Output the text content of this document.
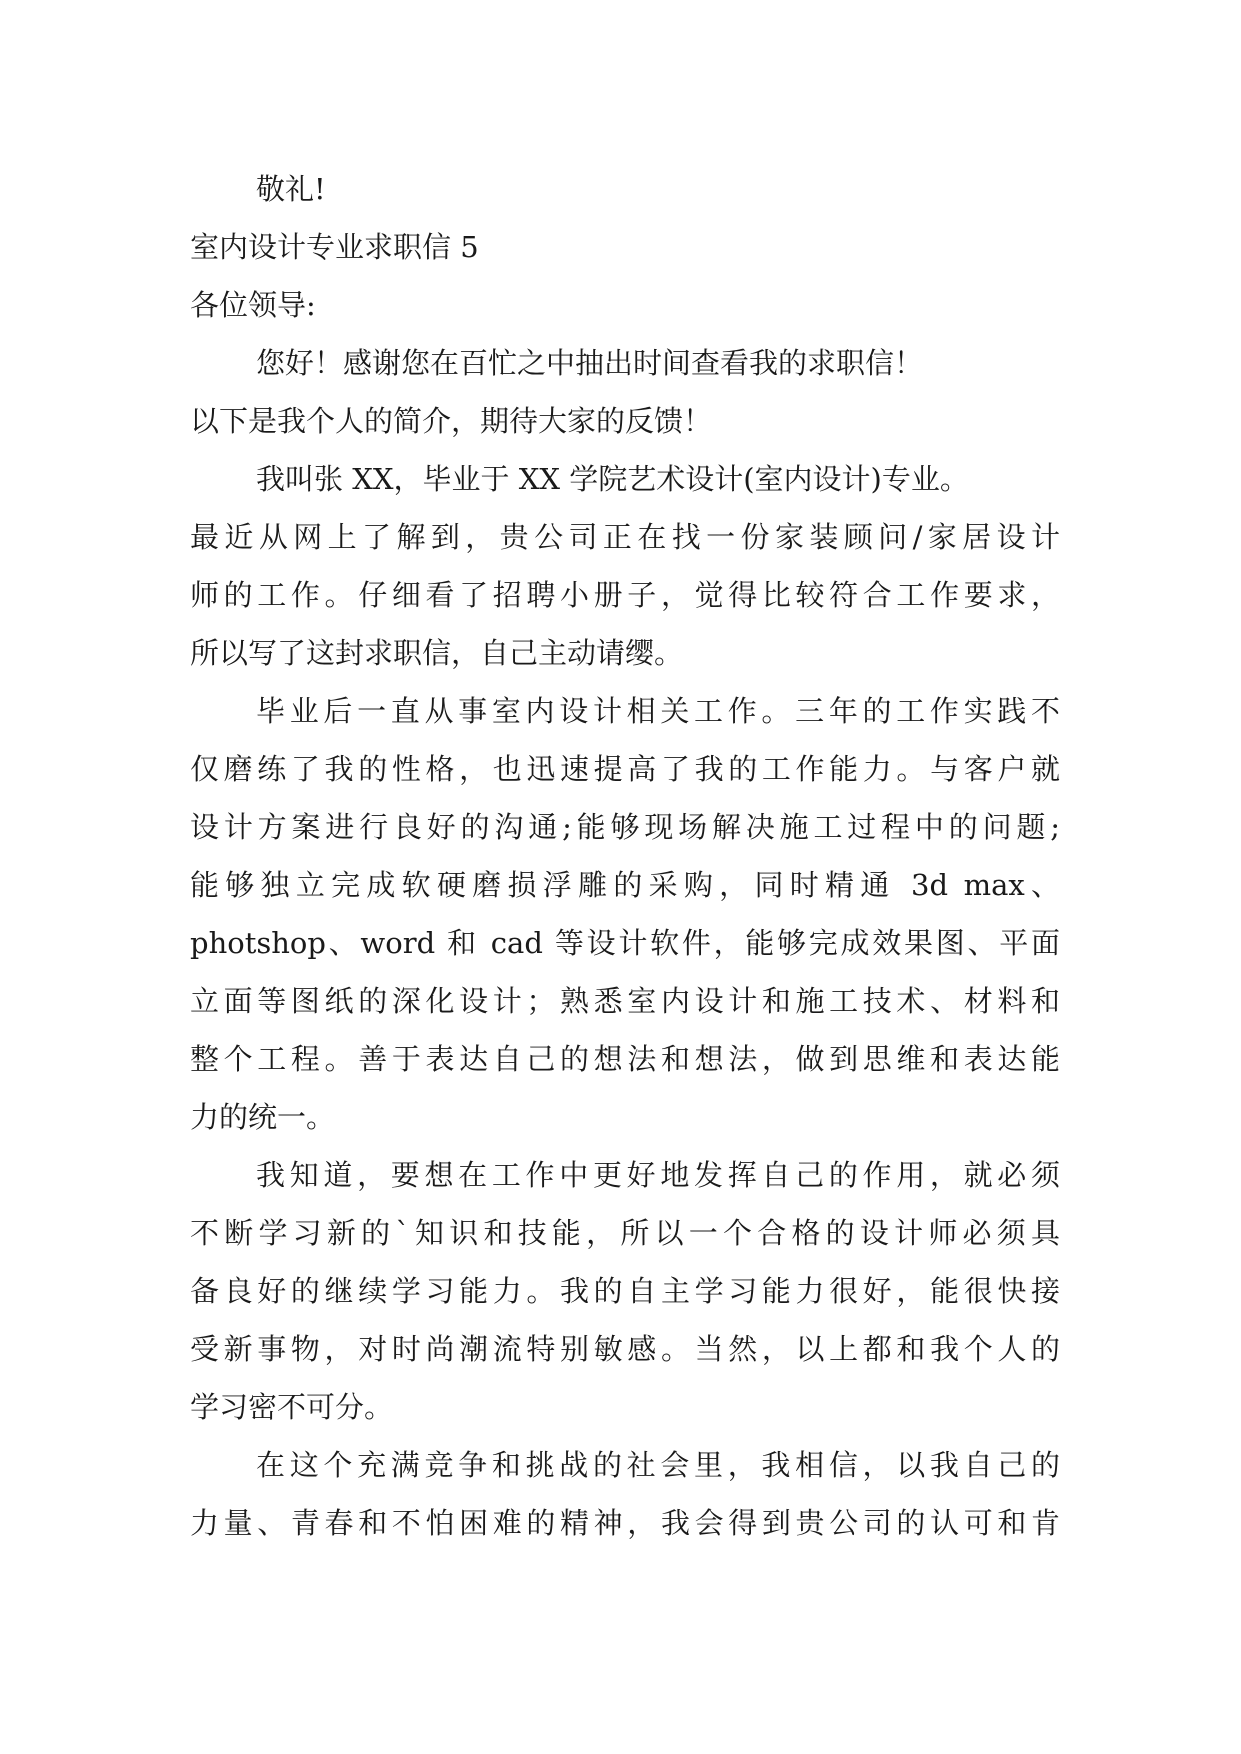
敬礼!
室内设计专业求职信 5
各位领导:
您好！感谢您在百忙之中抽出时间查看我的求职信！
以下是我个人的简介，期待大家的反馈！
我叫张 XX，毕业于 XX 学院艺术设计(室内设计)专业。
最近从网上了解到，贵公司正在找一份家装顾问/家居设计
师的工作。仔细看了招聘小册子，觉得比较符合工作要求，
所以写了这封求职信，自己主动请缨。
毕业后一直从事室内设计相关工作。三年的工作实践不
仅磨练了我的性格，也迅速提高了我的工作能力。与客户就
设计方案进行良好的沟通;能够现场解决施工过程中的问题;
能够独立完成软硬磨损浮雕的采购，同时精通 3d max、
photshop、word 和 cad 等设计软件，能够完成效果图、平面
立面等图纸的深化设计；熟悉室内设计和施工技术、材料和
整个工程。善于表达自己的想法和想法，做到思维和表达能
力的统一。
我知道，要想在工作中更好地发挥自己的作用，就必须
不断学习新的`知识和技能，所以一个合格的设计师必须具
备良好的继续学习能力。我的自主学习能力很好，能很快接
受新事物，对时尚潮流特别敏感。当然，以上都和我个人的
学习密不可分。
在这个充满竞争和挑战的社会里，我相信，以我自己的
力量、青春和不怕困难的精神，我会得到贵公司的认可和肯
